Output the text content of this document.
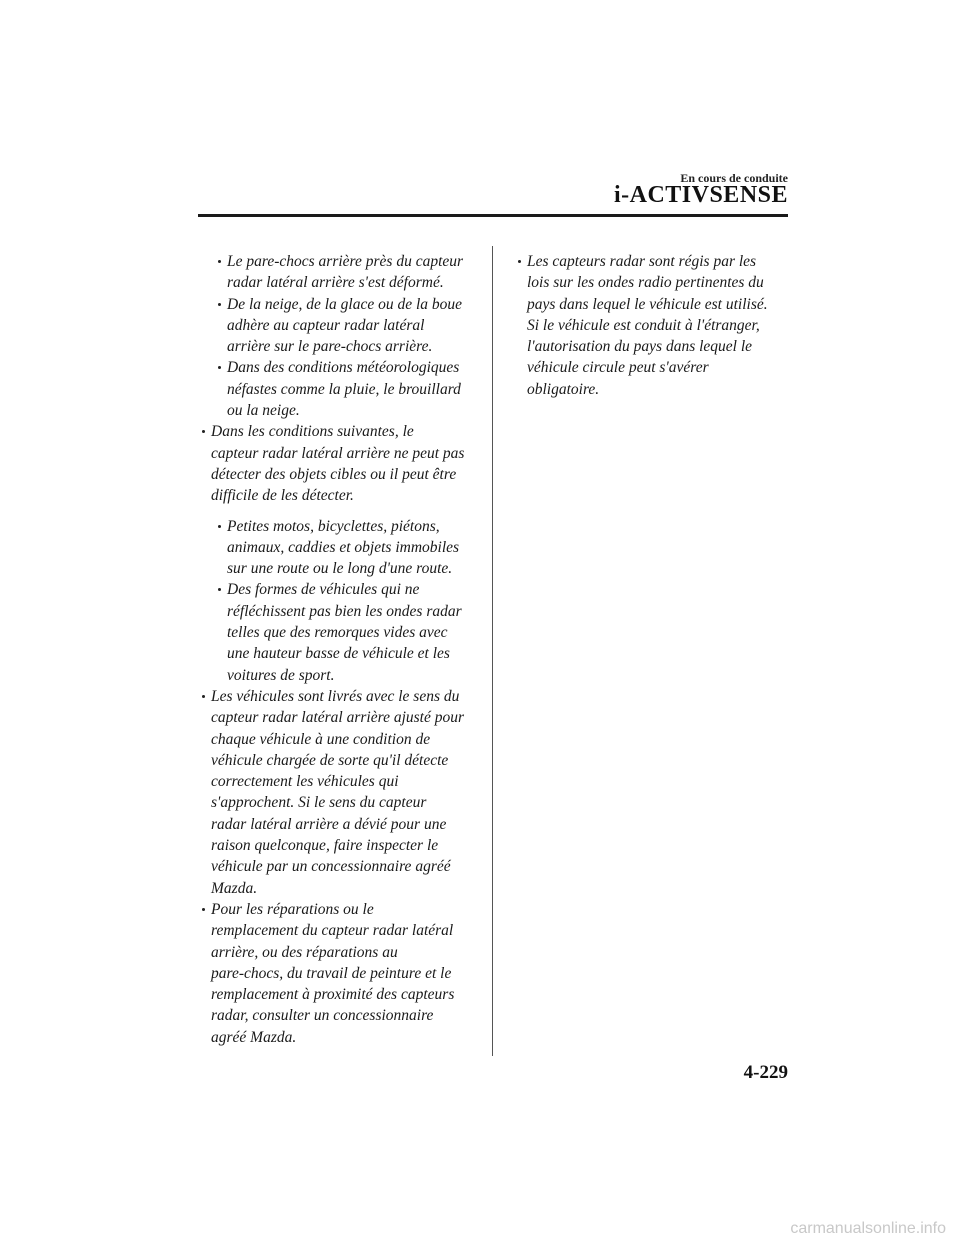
En cours de conduite
i-ACTIVSENSE
Le pare-chocs arrière près du capteur
radar latéral arrière s'est déformé.
De la neige, de la glace ou de la boue
adhère au capteur radar latéral
arrière sur le pare-chocs arrière.
Dans des conditions météorologiques
néfastes comme la pluie, le brouillard
ou la neige.
Dans les conditions suivantes, le
capteur radar latéral arrière ne peut pas
détecter des objets cibles ou il peut être
difficile de les détecter.
Petites motos, bicyclettes, piétons,
animaux, caddies et objets immobiles
sur une route ou le long d'une route.
Des formes de véhicules qui ne
réfléchissent pas bien les ondes radar
telles que des remorques vides avec
une hauteur basse de véhicule et les
voitures de sport.
Les véhicules sont livrés avec le sens du
capteur radar latéral arrière ajusté pour
chaque véhicule à une condition de
véhicule chargée de sorte qu'il détecte
correctement les véhicules qui
s'approchent. Si le sens du capteur
radar latéral arrière a dévié pour une
raison quelconque, faire inspecter le
véhicule par un concessionnaire agréé
Mazda.
Pour les réparations ou le
remplacement du capteur radar latéral
arrière, ou des réparations au
pare-chocs, du travail de peinture et le
remplacement à proximité des capteurs
radar, consulter un concessionnaire
agréé Mazda.
Les capteurs radar sont régis par les
lois sur les ondes radio pertinentes du
pays dans lequel le véhicule est utilisé.
Si le véhicule est conduit à l'étranger,
l'autorisation du pays dans lequel le
véhicule circule peut s'avérer
obligatoire.
4-229
carmanualsonline.info
